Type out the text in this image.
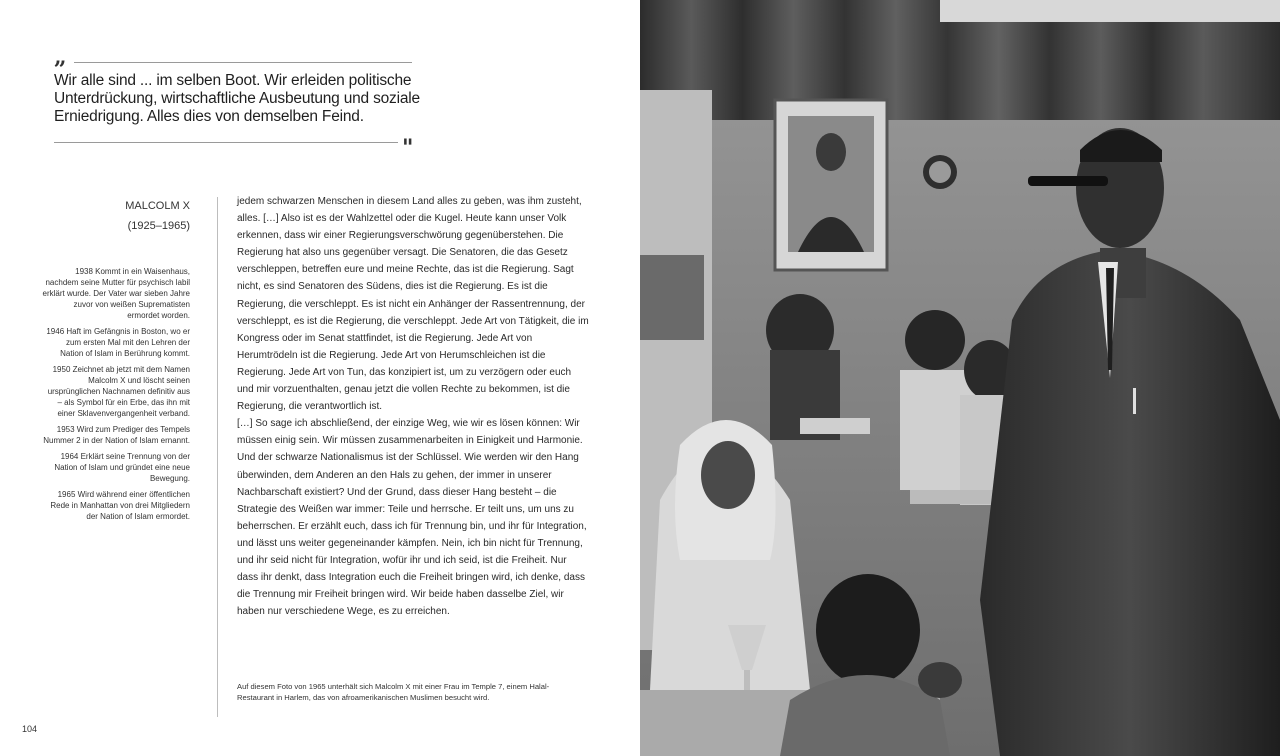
„
Wir alle sind ... im selben Boot. Wir erleiden politische Unterdrückung, wirtschaftliche Ausbeutung und soziale Erniedrigung. Alles dies von demselben Feind.
"
MALCOLM X
(1925–1965)

1938 Kommt in ein Waisenhaus, nachdem seine Mutter für psychisch labil erklärt wurde. Der Vater war sieben Jahre zuvor von weißen Suprematisten ermordet worden.

1946 Haft im Gefängnis in Boston, wo er zum ersten Mal mit den Lehren der Nation of Islam in Berührung kommt.

1950 Zeichnet ab jetzt mit dem Namen Malcolm X und löscht seinen ursprünglichen Nachnamen definitiv aus – als Symbol für ein Erbe, das ihn mit einer Sklavenvergangenheit verband.

1953 Wird zum Prediger des Tempels Nummer 2 in der Nation of Islam ernannt.

1964 Erklärt seine Trennung von der Nation of Islam und gründet eine neue Bewegung.

1965 Wird während einer öffentlichen Rede in Manhattan von drei Mitgliedern der Nation of Islam ermordet.

jedem schwarzen Menschen in diesem Land alles zu geben, was ihm zusteht, alles. […] Also ist es der Wahlzettel oder die Kugel. Heute kann unser Volk erkennen, dass wir einer Regierungsverschwörung gegenüberstehen. Die Regierung hat also uns gegenüber versagt. Die Senatoren, die das Gesetz verschleppen, betreffen eure und meine Rechte, das ist die Regierung. Sagt nicht, es sind Senatoren des Südens, dies ist die Regierung. Es ist die Regierung, die verschleppt. Es ist nicht ein Anhänger der Rassentrennung, der verschleppt, es ist die Regierung, die verschleppt. Jede Art von Tätigkeit, die im Kongress oder im Senat stattfindet, ist die Regierung. Jede Art von Herumtrödeln ist die Regierung. Jede Art von Herumschleichen ist die Regierung. Jede Art von Tun, das konzipiert ist, um zu verzögern oder euch und mir vorzuenthalten, genau jetzt die vollen Rechte zu bekommen, ist die Regierung, die verantwortlich ist.

[…] So sage ich abschließend, der einzige Weg, wie wir es lösen können: Wir müssen einig sein. Wir müssen zusammenarbeiten in Einigkeit und Harmonie. Und der schwarze Nationalismus ist der Schlüssel. Wie werden wir den Hang überwinden, dem Anderen an den Hals zu gehen, der immer in unserer Nachbarschaft existiert? Und der Grund, dass dieser Hang besteht – die Strategie des Weißen war immer: Teile und herrsche. Er teilt uns, um uns zu beherrschen. Er erzählt euch, dass ich für Trennung bin, und ihr für Integration, und lässt uns weiter gegeneinander kämpfen. Nein, ich bin nicht für Trennung, und ihr seid nicht für Integration, wofür ihr und ich seid, ist die Freiheit. Nur dass ihr denkt, dass Integration euch die Freiheit bringen wird, ich denke, dass die Trennung mir Freiheit bringen wird. Wir beide haben dasselbe Ziel, wir haben nur verschiedene Wege, es zu erreichen.

Auf diesem Foto von 1965 unterhält sich Malcolm X mit einer Frau im Temple 7, einem Halal-Restaurant in Harlem, das von afroamerikanischen Muslimen besucht wird.
104
